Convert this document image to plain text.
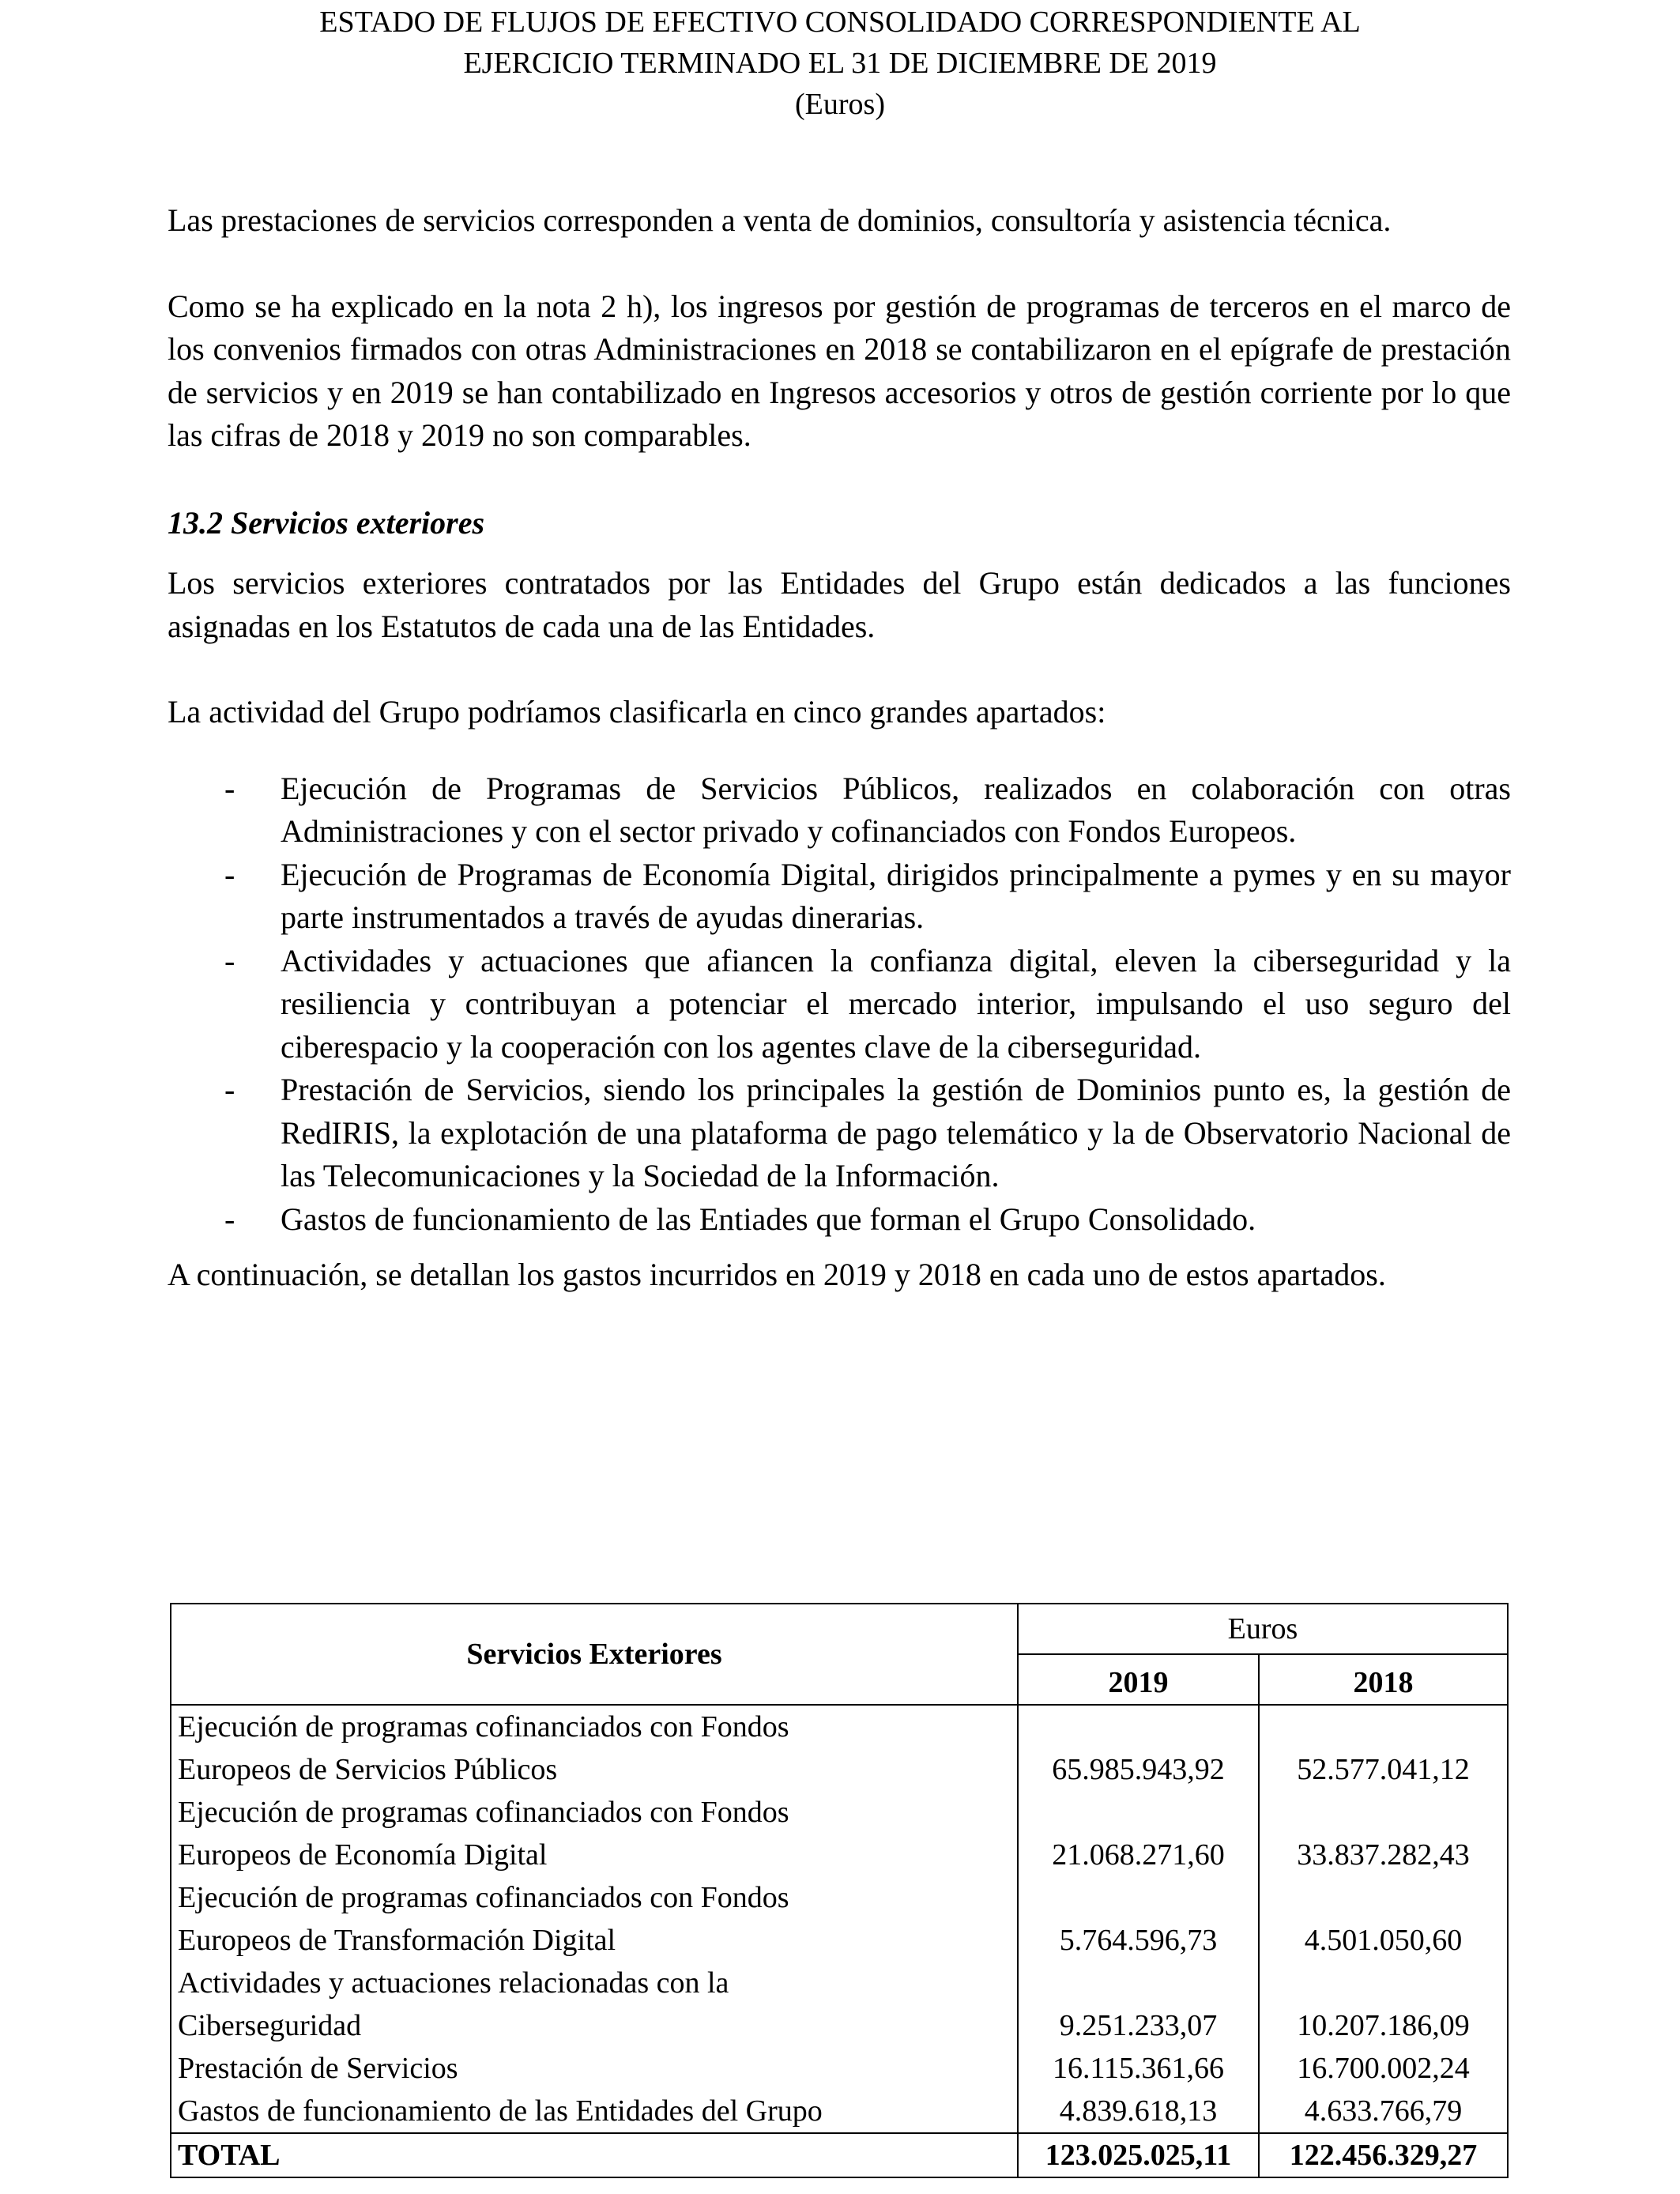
ESTADO DE FLUJOS DE EFECTIVO CONSOLIDADO CORRESPONDIENTE AL
EJERCICIO TERMINADO EL 31 DE DICIEMBRE DE 2019
(Euros)

Las prestaciones de servicios corresponden a venta de dominios, consultoría y asistencia técnica.

Como se ha explicado en la nota 2 h), los ingresos por gestión de programas de terceros en el marco de los convenios firmados con otras Administraciones en 2018 se contabilizaron en el epígrafe de prestación de servicios y en 2019 se han contabilizado en Ingresos accesorios y otros de gestión corriente por lo que las cifras de 2018 y 2019 no son comparables.

13.2 Servicios exteriores

Los servicios exteriores contratados por las Entidades del Grupo están dedicados a las funciones asignadas en los Estatutos de cada una de las Entidades.

La actividad del Grupo podríamos clasificarla en cinco grandes apartados:

- Ejecución de Programas de Servicios Públicos, realizados en colaboración con otras Administraciones y con el sector privado y cofinanciados con Fondos Europeos.
- Ejecución de Programas de Economía Digital, dirigidos principalmente a pymes y en su mayor parte instrumentados a través de ayudas dinerarias.
- Actividades y actuaciones que afiancen la confianza digital, eleven la ciberseguridad y la resiliencia y contribuyan a potenciar el mercado interior, impulsando el uso seguro del ciberespacio y la cooperación con los agentes clave de la ciberseguridad.
- Prestación de Servicios, siendo los principales la gestión de Dominios punto es, la gestión de RedIRIS, la explotación de una plataforma de pago telemático y la de Observatorio Nacional de las Telecomunicaciones y la Sociedad de la Información.
- Gastos de funcionamiento de las Entiades que forman el Grupo Consolidado.

A continuación, se detallan los gastos incurridos en 2019 y 2018 en cada uno de estos apartados.

Servicios Exteriores	Euros	
	2019	2018

Ejecución de programas cofinanciados con Fondos
Europeos de Servicios Públicos	65.985.943,92	52.577.041,12

Ejecución de programas cofinanciados con Fondos
Europeos de Economía Digital	21.068.271,60	33.837.282,43

Ejecución de programas cofinanciados con Fondos
Europeos de Transformación Digital	5.764.596,73	4.501.050,60

Actividades y actuaciones relacionadas con la
Ciberseguridad	9.251.233,07	10.207.186,09
Prestación de Servicios	16.115.361,66	16.700.002,24
Gastos de funcionamiento de las Entidades del Grupo	4.839.618,13	4.633.766,79
TOTAL	123.025.025,11	122.456.329,27
